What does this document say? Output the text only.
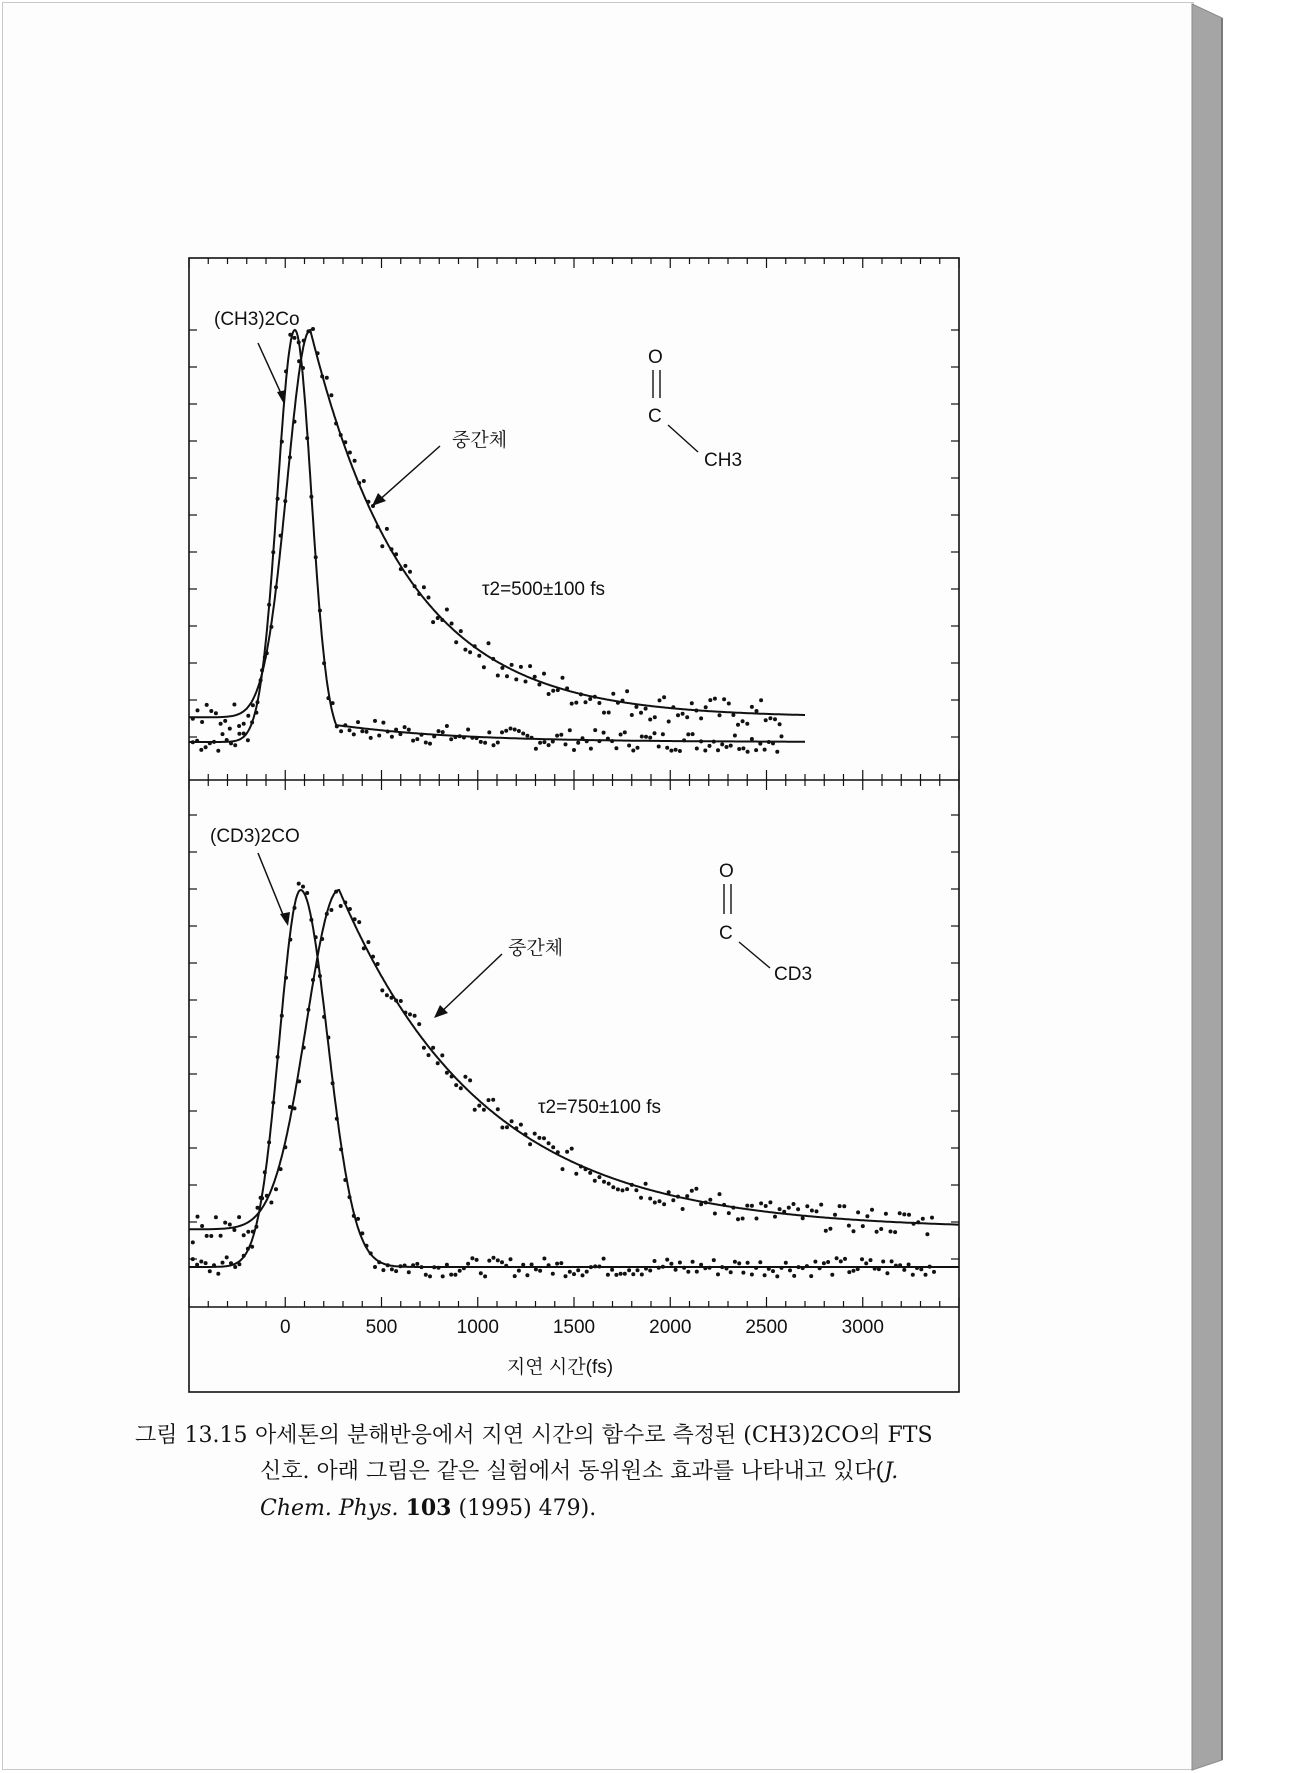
(CH3)2Co
중간체
τ2=500±100 fs
O
C
CH3
(CD3)2CO
중간체
τ2=750±100 fs
O
C
CD3
0	500	1000	1500	2000	2500	3000
지연 시간(fs)
그림 13.15 아세톤의 분해반응에서 지연 시간의 함수로 측정된 (CH3)2CO의 FTS
신호. 아래 그림은 같은 실험에서 동위원소 효과를 나타내고 있다(J.
Chem. Phys. 103 (1995) 479).
